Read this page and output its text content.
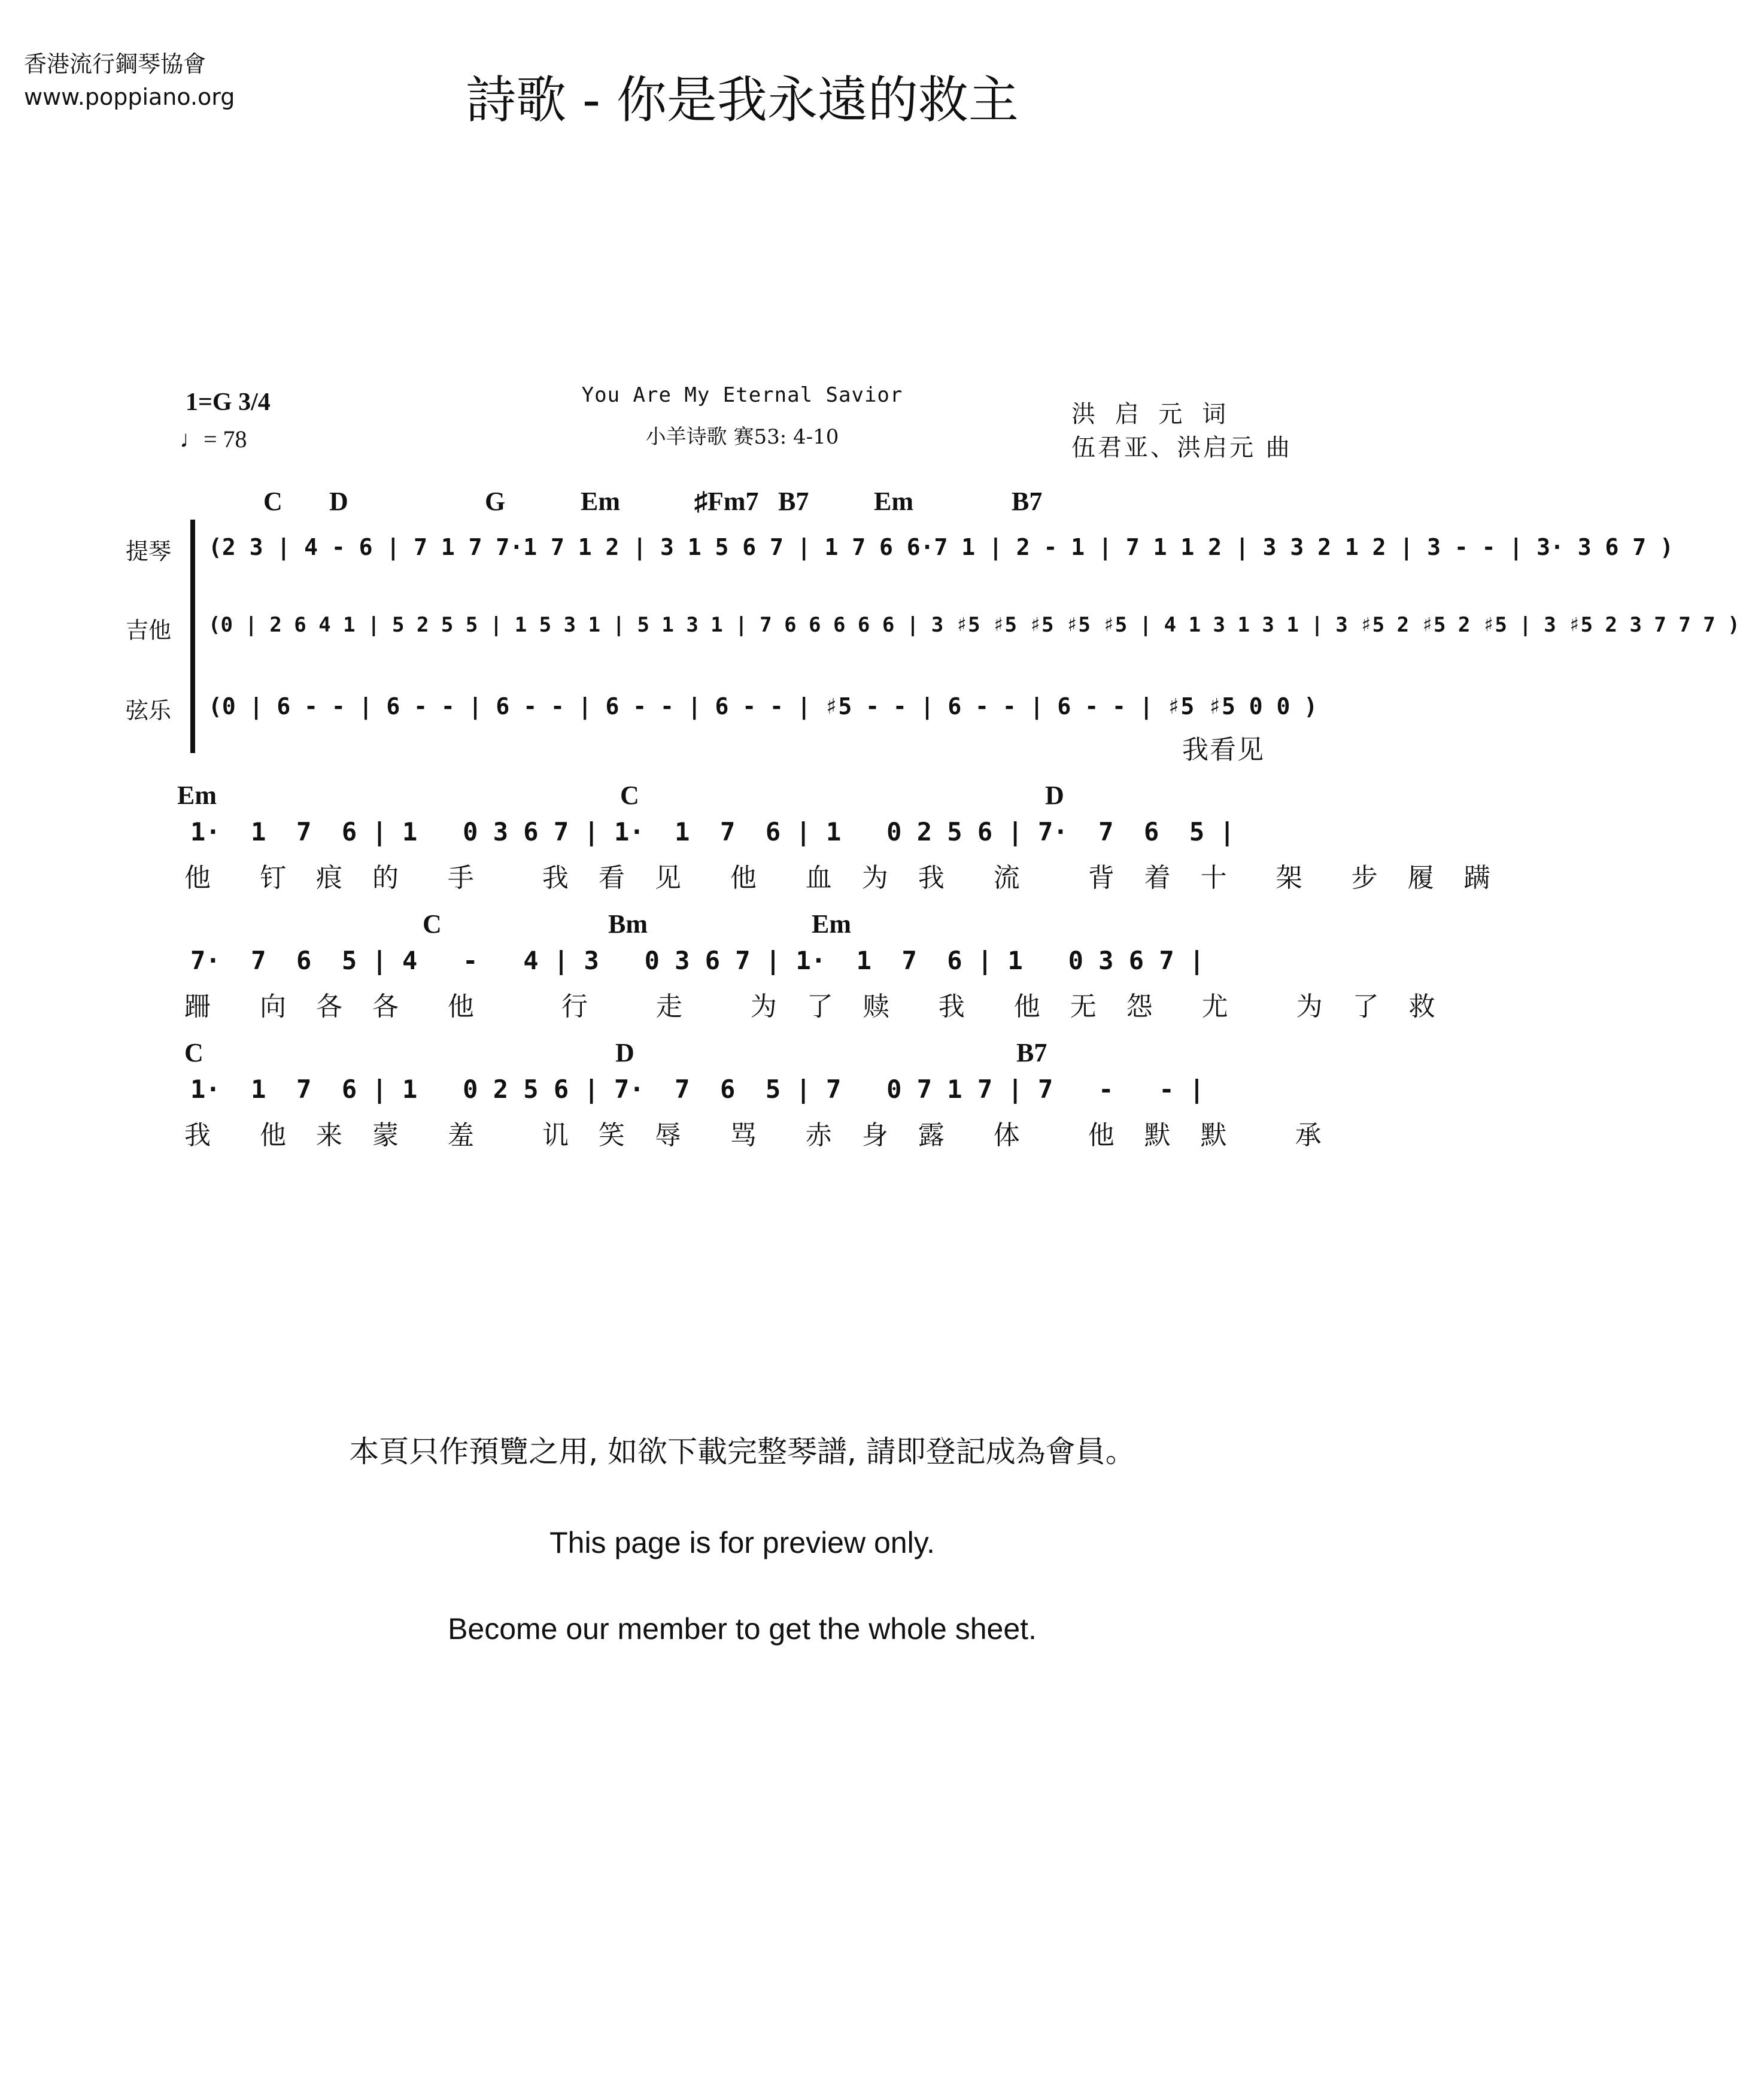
香港流行鋼琴協會
www.poppiano.org	詩歌 - 你是我永遠的救主
1=G 3/4
♩= 78
You Are My Eternal Savior
小羊诗歌 赛53: 4-10
洪 启 元 词
伍君亚、洪启元 曲
C D	G	Em	♯Fm7 B7 Em	B7
提琴 (2 3 | 4 - 6 | 7 1 7 7·1 7 1 2 | 3 1 5 6 7 | 1 7 6 6·7 1 | 2 - 1 | 7 1 1 2 | 3 3 2 1 2 | 3 - - | 3· 3 6 7 )
吉他 (0 | 2 6 4 1 | 5 2 5 5 | 1 5 3 1 | 5 1 3 1 | 7 6 6 6 6 6 | 3 ♯5 ♯5 ♯5 ♯5 ♯5 | 4 1 3 1 3 1 | 3 ♯5 2 ♯5 2 ♯5 | 3 ♯5 2 3 7 7 7 )
弦乐 (0 | 6 - - | 6 - - | 6 - - | 6 - - | 6 - - | ♯5 - - | 6 - - | 6 - - | ♯5 ♯5 0 0 )
我看见
Em	C	D
1·  1  7  6 | 1   0 3 6 7 | 1·  1  7  6 | 1   0 2 5 6 | 7·  7  6  5 |
他  钉 痕 的  手   我 看 见  他  血 为 我  流   背 着 十  架  步 履 蹒
C	Bm	Em
7·  7  6  5 | 4   -   4 | 3   0 3 6 7 | 1·  1  7  6 | 1   0 3 6 7 |
跚  向 各 各  他    行   走   为 了 赎  我  他 无 怨  尤   为 了 救
C	D	B7
1·  1  7  6 | 1   0 2 5 6 | 7·  7  6  5 | 7   0 7 1 7 | 7   -   - |
我  他 来 蒙  羞   讥 笑 辱  骂  赤 身 露  体   他 默 默   承
本頁只作預覽之用, 如欲下載完整琴譜, 請即登記成為會員。
This page is for preview only.
Become our member to get the whole sheet.
